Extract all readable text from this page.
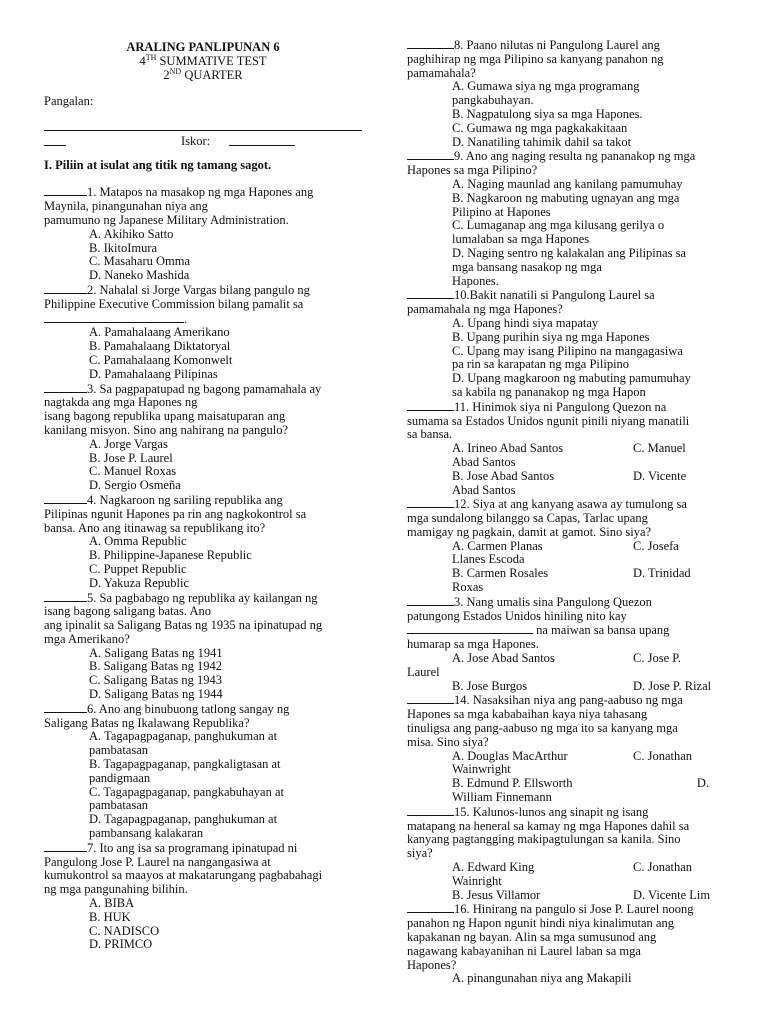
ARALING PANLIPUNAN 6
4TH SUMMATIVE TEST
2ND QUARTER
Pangalan:
Iskor:
I. Piliin at isulat ang titik ng tamang sagot.
1. Matapos na masakop ng mga Hapones ang
Maynila, pinangunahan niya ang
pamumuno ng Japanese Military Administration.
A. Akihiko Satto
B. IkitoImura
C. Masaharu Omma
D. Naneko Mashida
2. Nahalal si Jorge Vargas bilang pangulo ng
Philippine Executive Commission bilang pamalit sa
.
A. Pamahalaang Amerikano
B. Pamahalaang Diktatoryal
C. Pamahalaang Komonwelt
D. Pamahalaang Pilipinas
3. Sa pagpapatupad ng bagong pamamahala ay
nagtakda ang mga Hapones ng
isang bagong republika upang maisatuparan ang
kanilang misyon. Sino ang nahirang na pangulo?
A. Jorge Vargas
B. Jose P. Laurel
C. Manuel Roxas
D. Sergio Osmeña
4. Nagkaroon ng sariling republika ang
Pilipinas ngunit Hapones pa rin ang nagkokontrol sa
bansa. Ano ang itinawag sa republikang ito?
A. Omma Republic
B. Philippine-Japanese Republic
C. Puppet Republic
D. Yakuza Republic
5. Sa pagbabago ng republika ay kailangan ng
isang bagong saligang batas. Ano
ang ipinalit sa Saligang Batas ng 1935 na ipinatupad ng
mga Amerikano?
A. Saligang Batas ng 1941
B. Saligang Batas ng 1942
C. Saligang Batas ng 1943
D. Saligang Batas ng 1944
6. Ano ang binubuong tatlong sangay ng
Saligang Batas ng Ikalawang Republika?
A. Tagapagpaganap, panghukuman at
pambatasan
B. Tagapagpaganap, pangkaligtasan at
pandigmaan
C. Tagapagpaganap, pangkabuhayan at
pambatasan
D. Tagapagpaganap, panghukuman at
pambansang kalakaran
7. Ito ang isa sa programang ipinatupad ni
Pangulong Jose P. Laurel na nangangasiwa at
kumukontrol sa maayos at makatarungang pagbabahagi
ng mga pangunahing bilihin.
A. BIBA
B. HUK
C. NADISCO
D. PRIMCO
8. Paano nilutas ni Pangulong Laurel ang
paghihirap ng mga Pilipino sa kanyang panahon ng
pamamahala?
A. Gumawa siya ng mga programang
pangkabuhayan.
B. Nagpatulong siya sa mga Hapones.
C. Gumawa ng mga pagkakakitaan
D. Nanatiling tahimik dahil sa takot
9. Ano ang naging resulta ng pananakop ng mga
Hapones sa mga Pilipino?
A. Naging maunlad ang kanilang pamumuhay
B. Nagkaroon ng mabuting ugnayan ang mga
Pilipino at Hapones
C. Lumaganap ang mga kilusang gerilya o
lumalaban sa mga Hapones
D. Naging sentro ng kalakalan ang Pilipinas sa
mga bansang nasakop ng mga
Hapones.
10.Bakit nanatili si Pangulong Laurel sa
pamamahala ng mga Hapones?
A. Upang hindi siya mapatay
B. Upang purihin siya ng mga Hapones
C. Upang may isang Pilipino na mangagasiwa
pa rin sa karapatan ng mga Pilipino
D. Upang magkaroon ng mabuting pamumuhay
sa kabila ng pananakop ng mga Hapon
11. Hinimok siya ni Pangulong Quezon na
sumama sa Estados Unidos ngunit pinili niyang manatili
sa bansa.
A. Irineo Abad Santos	C. Manuel
Abad Santos
B. Jose Abad Santos	D. Vicente
Abad Santos
12. Siya at ang kanyang asawa ay tumulong sa
mga sundalong bilanggo sa Capas, Tarlac upang
mamigay ng pagkain, damit at gamot. Sino siya?
A. Carmen Planas	C. Josefa
Llanes Escoda
B. Carmen Rosales	D. Trinidad
Roxas
3. Nang umalis sina Pangulong Quezon
patungong Estados Unidos hiniling nito kay
na maiwan sa bansa upang
humarap sa mga Hapones.
A. Jose Abad Santos	C. Jose P.
Laurel
B. Jose Burgos	D. Jose P. Rizal
14. Nasaksihan niya ang pang-aabuso ng mga
Hapones sa mga kababaihan kaya niya tahasang
tinuligsa ang pang-aabuso ng mga ito sa kanyang mga
misa. Sino siya?
A. Douglas MacArthur	C. Jonathan
Wainwright
B. Edmund P. Ellsworth	D.
William Finnemann
15. Kalunos-lunos ang sinapit ng isang
matapang na heneral sa kamay ng mga Hapones dahil sa
kanyang pagtangging makipagtulungan sa kanila. Sino
siya?
A. Edward King	C. Jonathan
Wainright
B. Jesus Villamor	D. Vicente Lim
16. Hinirang na pangulo si Jose P. Laurel noong
panahon ng Hapon ngunit hindi niya kinalimutan ang
kapakanan ng bayan. Alin sa mga sumusunod ang
nagawang kabayanihan ni Laurel laban sa mga
Hapones?
A. pinangunahan niya ang Makapili
